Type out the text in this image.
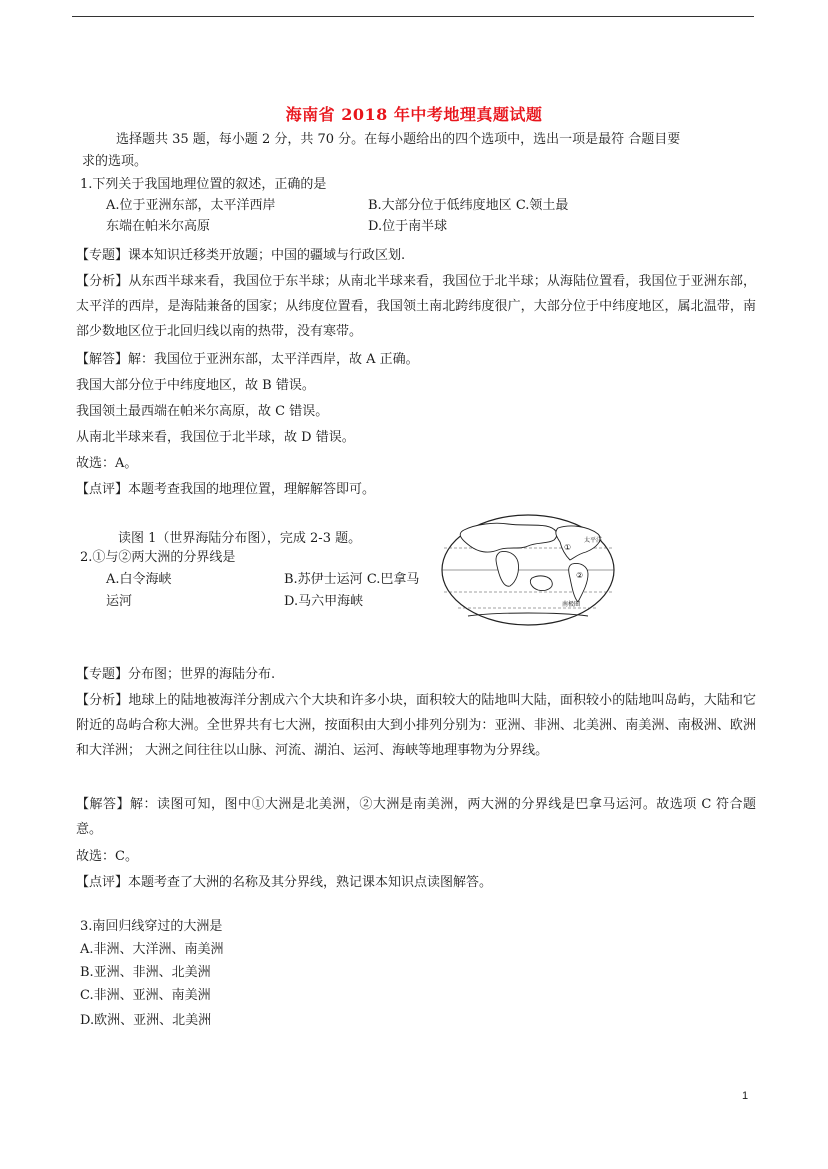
海南省 2018 年中考地理真题试题
选择题共 35 题，每小题 2 分，共 70 分。在每小题给出的四个选项中，选出一项是最符 合题目要
求的选项。
1.下列关于我国地理位置的叙述，正确的是
A.位于亚洲东部，太平洋西岸	B.大部分位于低纬度地区 C.领土最
东端在帕米尔高原	D.位于南半球
【专题】课本知识迁移类开放题；中国的疆域与行政区划.
【分析】从东西半球来看，我国位于东半球；从南北半球来看，我国位于北半球；从海陆位置看，我国位于亚洲东部，太平洋的西岸，是海陆兼备的国家；从纬度位置看，我国领土南北跨纬度很广，大部分位于中纬度地区，属北温带，南部少数地区位于北回归线以南的热带，没有寒带。
【解答】解：我国位于亚洲东部，太平洋西岸，故 A 正确。
我国大部分位于中纬度地区，故 B 错误。
我国领土最西端在帕米尔高原，故 C 错误。
从南北半球来看，我国位于北半球，故 D 错误。
故选：A。
【点评】本题考查我国的地理位置，理解解答即可。
读图 1（世界海陆分布图），完成 2-3 题。
2.①与②两大洲的分界线是
A.白令海峡	B.苏伊士运河 C.巴拿马
运河	D.马六甲海峡
①
②
太平洋
南极圈
【专题】分布图；世界的海陆分布.
【分析】地球上的陆地被海洋分割成六个大块和许多小块，面积较大的陆地叫大陆，面积较小的陆地叫岛屿，大陆和它附近的岛屿合称大洲。全世界共有七大洲，按面积由大到小排列分别为：亚洲、非洲、北美洲、南美洲、南极洲、欧洲和大洋洲； 大洲之间往往以山脉、河流、湖泊、运河、海峡等地理事物为分界线。
【解答】解：读图可知，图中①大洲是北美洲，②大洲是南美洲，两大洲的分界线是巴拿马运河。故选项 C 符合题意。
故选：C。
【点评】本题考查了大洲的名称及其分界线，熟记课本知识点读图解答。
3.南回归线穿过的大洲是
A.非洲、大洋洲、南美洲
B.亚洲、非洲、北美洲
C.非洲、亚洲、南美洲
D.欧洲、亚洲、北美洲
1
